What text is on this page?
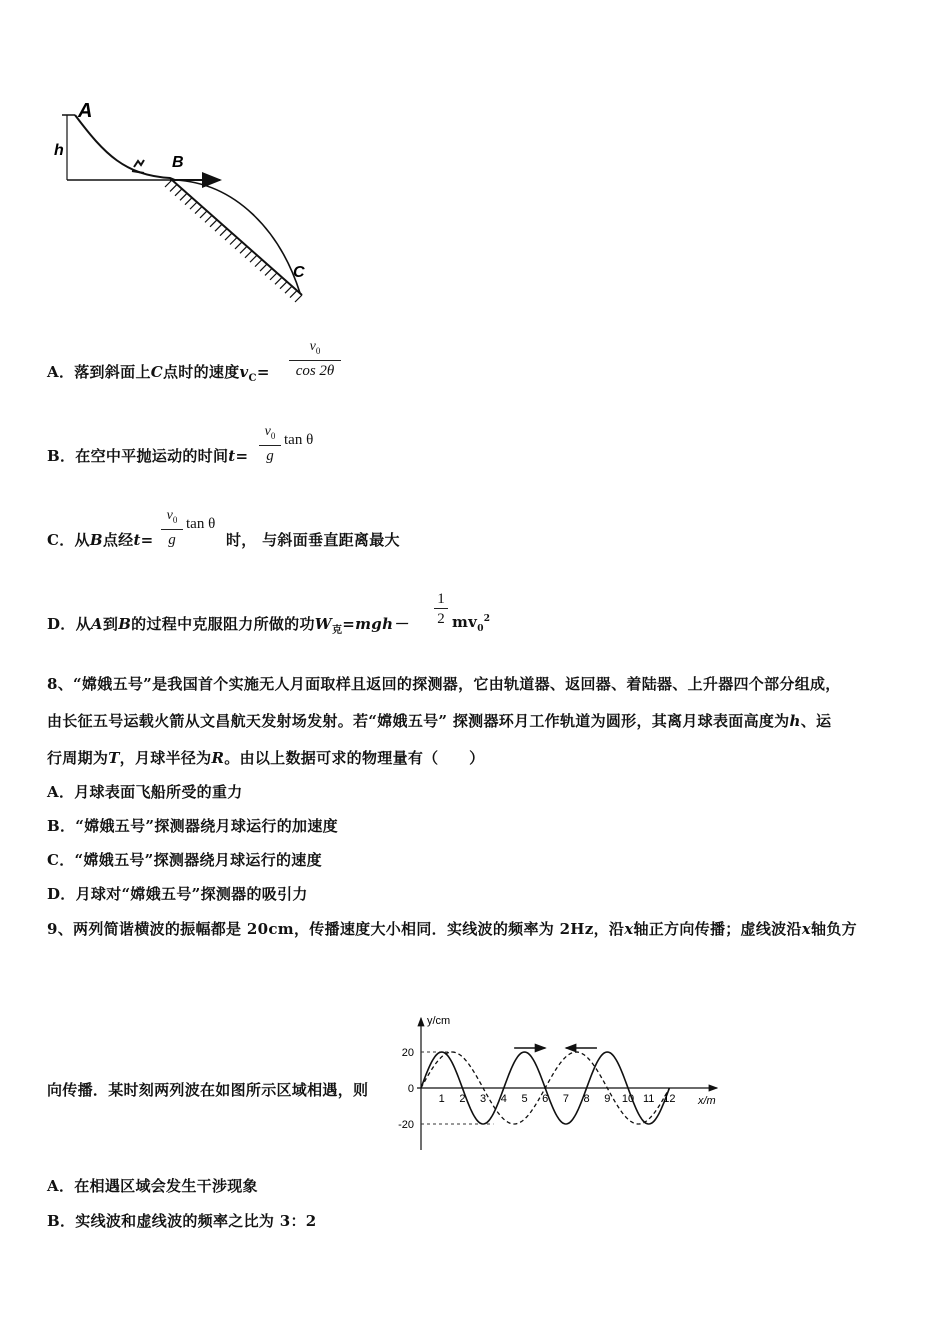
A
h
B
C
A．落到斜面上C点时的速度$v_C=$
$v_0$
cos 2θ
B．在空中平抛运动的时间t=
$v_0$
g
tan θ
C．从B点经t=
$v_0$
g
tan θ
时， 与斜面垂直距离最大
D．从A到B的过程中克服阻力所做的功$W_克=mgh-$
1
2 $mv_0^2$
8、“嫦娥五号”是我国首个实施无人月面取样且返回的探测器，它由轨道器、返回器、着陆器、上升器四个部分组成，
由长征五号运载火箭从文昌航天发射场发射。若“嫦娥五号” 探测器环月工作轨道为圆形，其离月球表面高度为h、运
行周期为T，月球半径为R。由以上数据可求的物理量有（　　）
A．月球表面飞船所受的重力
B．“嫦娥五号”探测器绕月球运行的加速度
C．“嫦娥五号”探测器绕月球运行的速度
D．月球对“嫦娥五号”探测器的吸引力
9、两列简谐横波的振幅都是 20cm，传播速度大小相同．实线波的频率为 2Hz，沿x轴正方向传播；虚线波沿x轴负方
向传播．某时刻两列波在如图所示区域相遇，则
y/cm
x/m
20
0
-20
1 2 3 4 5 6 7 8 9 10 11 12
A．在相遇区域会发生干涉现象
B．实线波和虚线波的频率之比为 3：2
